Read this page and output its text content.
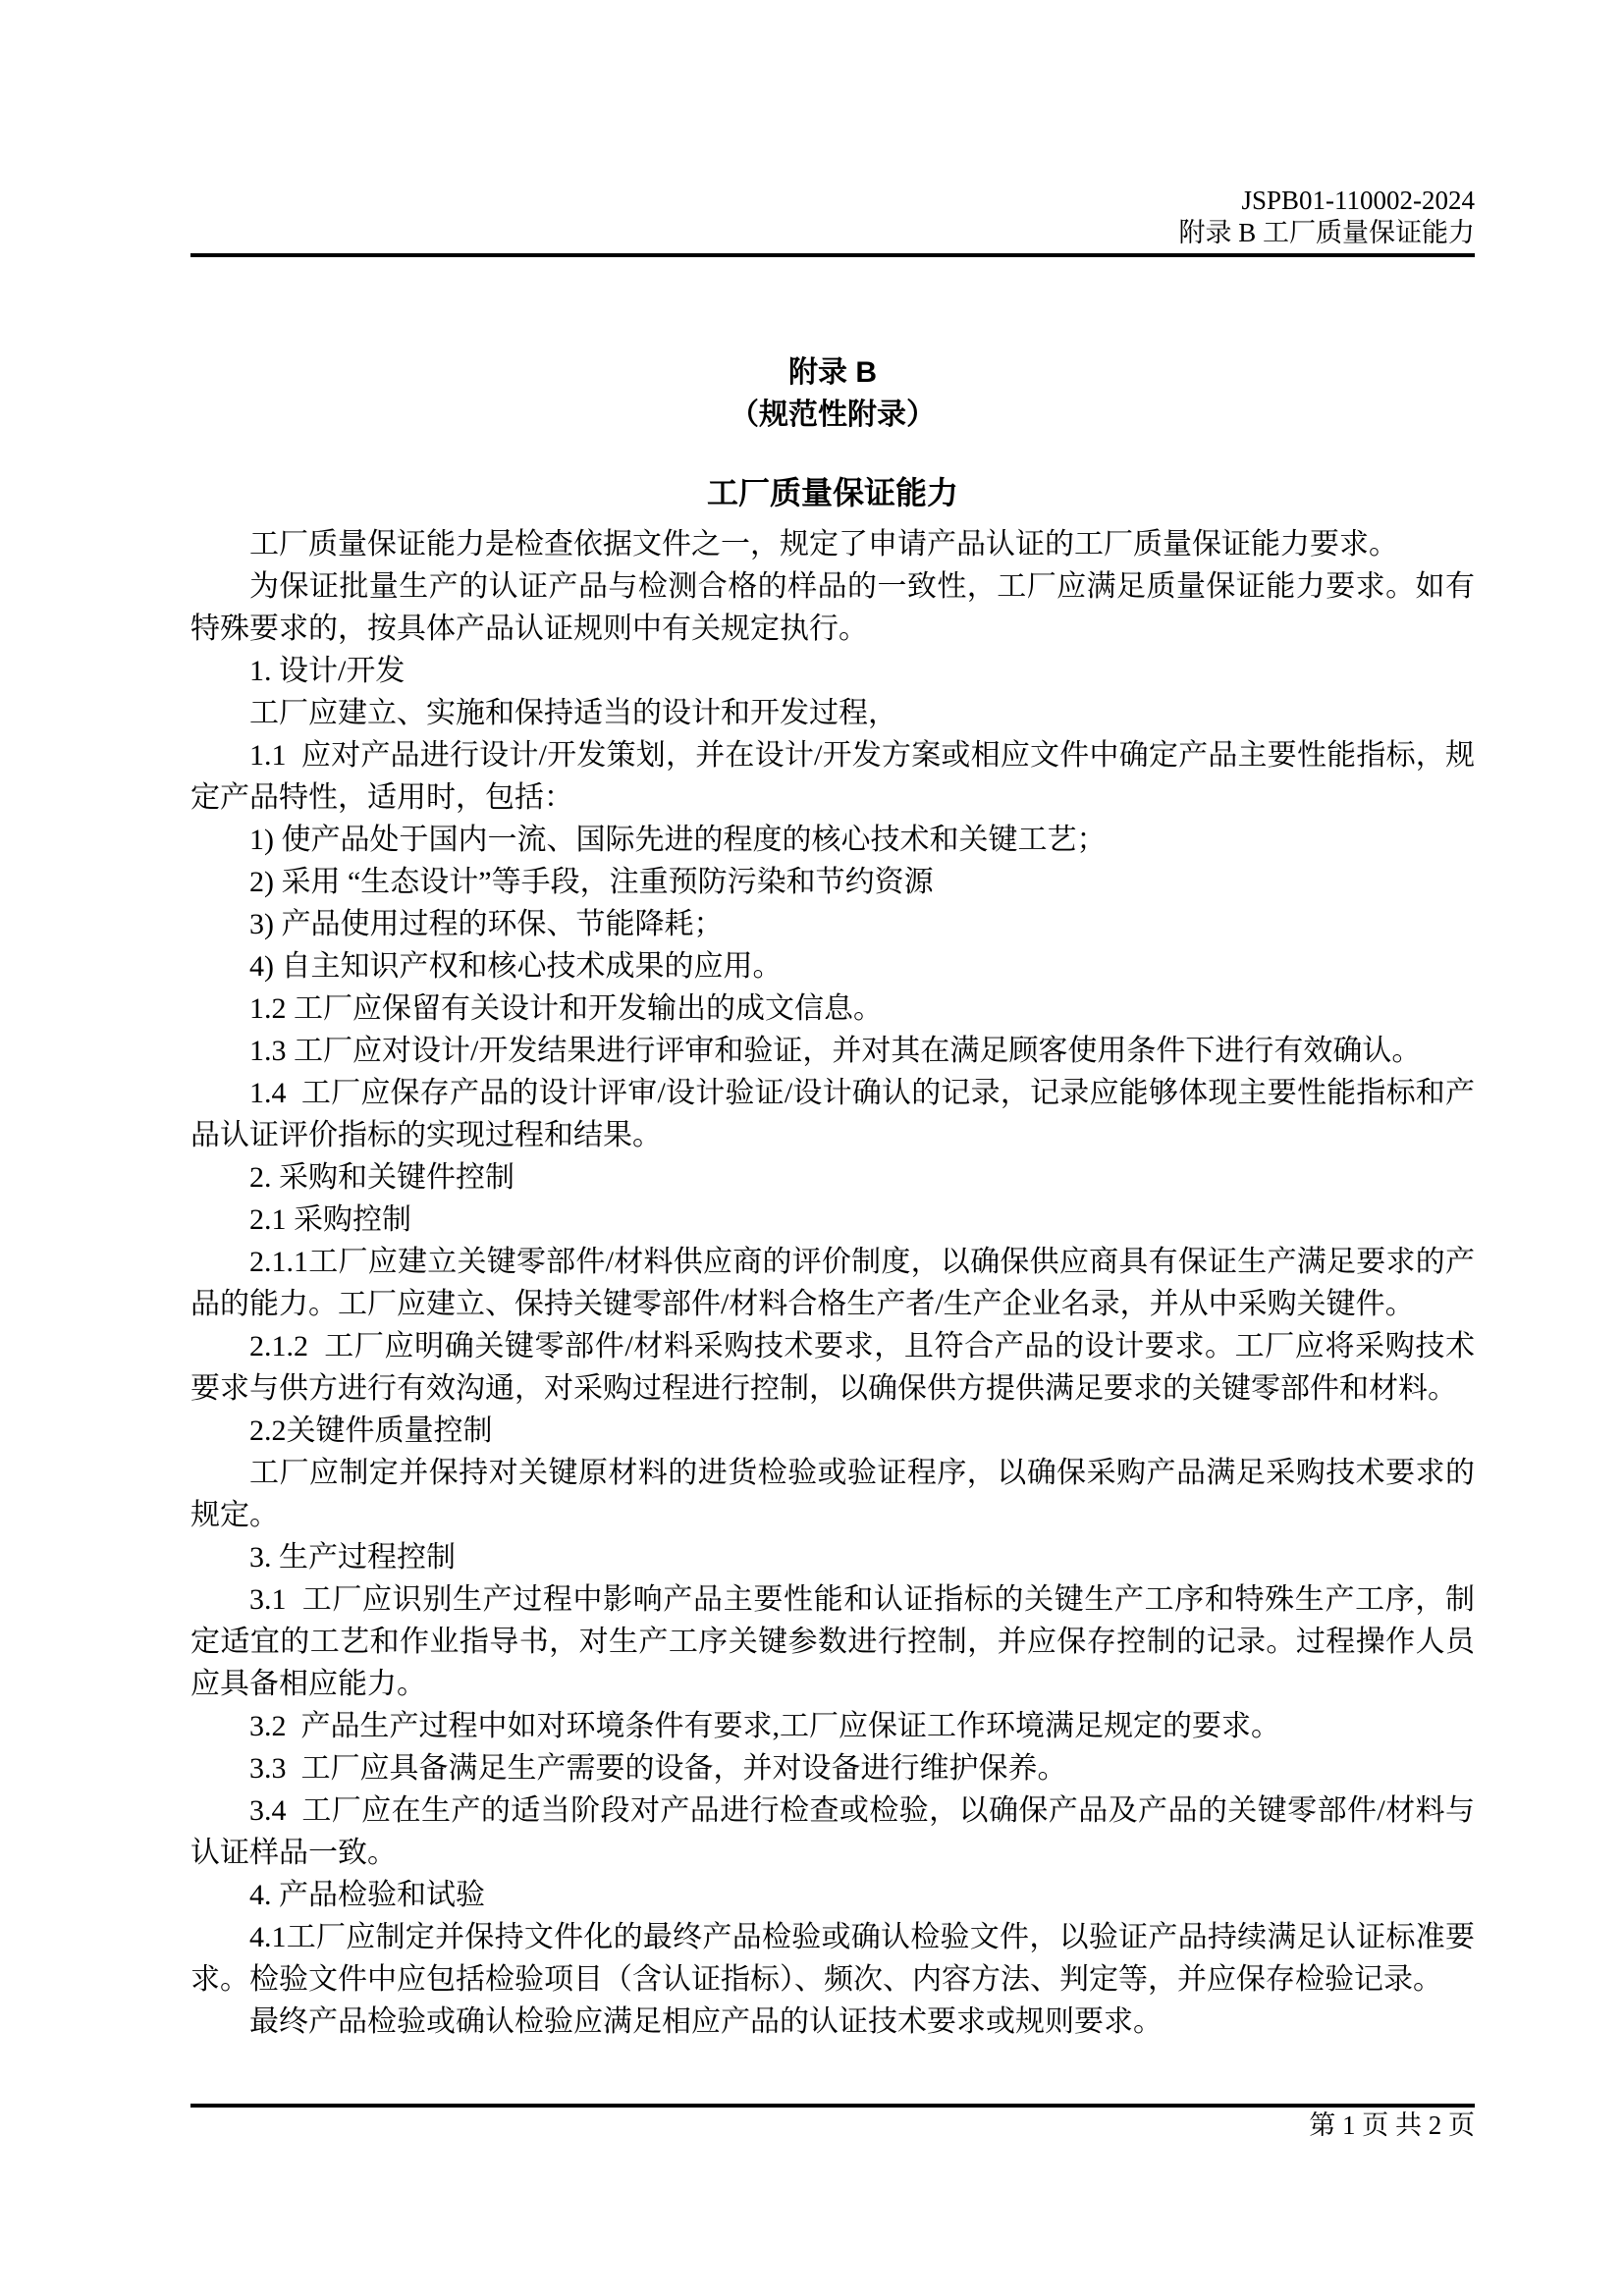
JSPB01-110002-2024
附录 B 工厂质量保证能力
附录 B
（规范性附录）
工厂质量保证能力

工厂质量保证能力是检查依据文件之一，规定了申请产品认证的工厂质量保证能力要求。

为保证批量生产的认证产品与检测合格的样品的一致性，工厂应满足质量保证能力要求。如有特殊要求的，按具体产品认证规则中有关规定执行。

1. 设计/开发

工厂应建立、实施和保持适当的设计和开发过程，

1.1  应对产品进行设计/开发策划，并在设计/开发方案或相应文件中确定产品主要性能指标，规定产品特性，适用时，包括：

1) 使产品处于国内一流、国际先进的程度的核心技术和关键工艺；

2) 采用 “生态设计”等手段，注重预防污染和节约资源

3) 产品使用过程的环保、节能降耗；

4) 自主知识产权和核心技术成果的应用。

1.2 工厂应保留有关设计和开发输出的成文信息。

1.3 工厂应对设计/开发结果进行评审和验证，并对其在满足顾客使用条件下进行有效确认。

1.4  工厂应保存产品的设计评审/设计验证/设计确认的记录，记录应能够体现主要性能指标和产品认证评价指标的实现过程和结果。

2. 采购和关键件控制

2.1 采购控制

2.1.1工厂应建立关键零部件/材料供应商的评价制度，以确保供应商具有保证生产满足要求的产品的能力。工厂应建立、保持关键零部件/材料合格生产者/生产企业名录，并从中采购关键件。

2.1.2  工厂应明确关键零部件/材料采购技术要求，且符合产品的设计要求。工厂应将采购技术要求与供方进行有效沟通，对采购过程进行控制，以确保供方提供满足要求的关键零部件和材料。

2.2关键件质量控制

工厂应制定并保持对关键原材料的进货检验或验证程序，以确保采购产品满足采购技术要求的规定。

3. 生产过程控制

3.1  工厂应识别生产过程中影响产品主要性能和认证指标的关键生产工序和特殊生产工序，制定适宜的工艺和作业指导书，对生产工序关键参数进行控制，并应保存控制的记录。过程操作人员应具备相应能力。

3.2  产品生产过程中如对环境条件有要求,工厂应保证工作环境满足规定的要求。

3.3  工厂应具备满足生产需要的设备，并对设备进行维护保养。

3.4  工厂应在生产的适当阶段对产品进行检查或检验，以确保产品及产品的关键零部件/材料与认证样品一致。

4. 产品检验和试验

4.1工厂应制定并保持文件化的最终产品检验或确认检验文件，以验证产品持续满足认证标准要求。检验文件中应包括检验项目（含认证指标）、频次、内容方法、判定等，并应保存检验记录。

最终产品检验或确认检验应满足相应产品的认证技术要求或规则要求。

第 1 页 共 2 页
